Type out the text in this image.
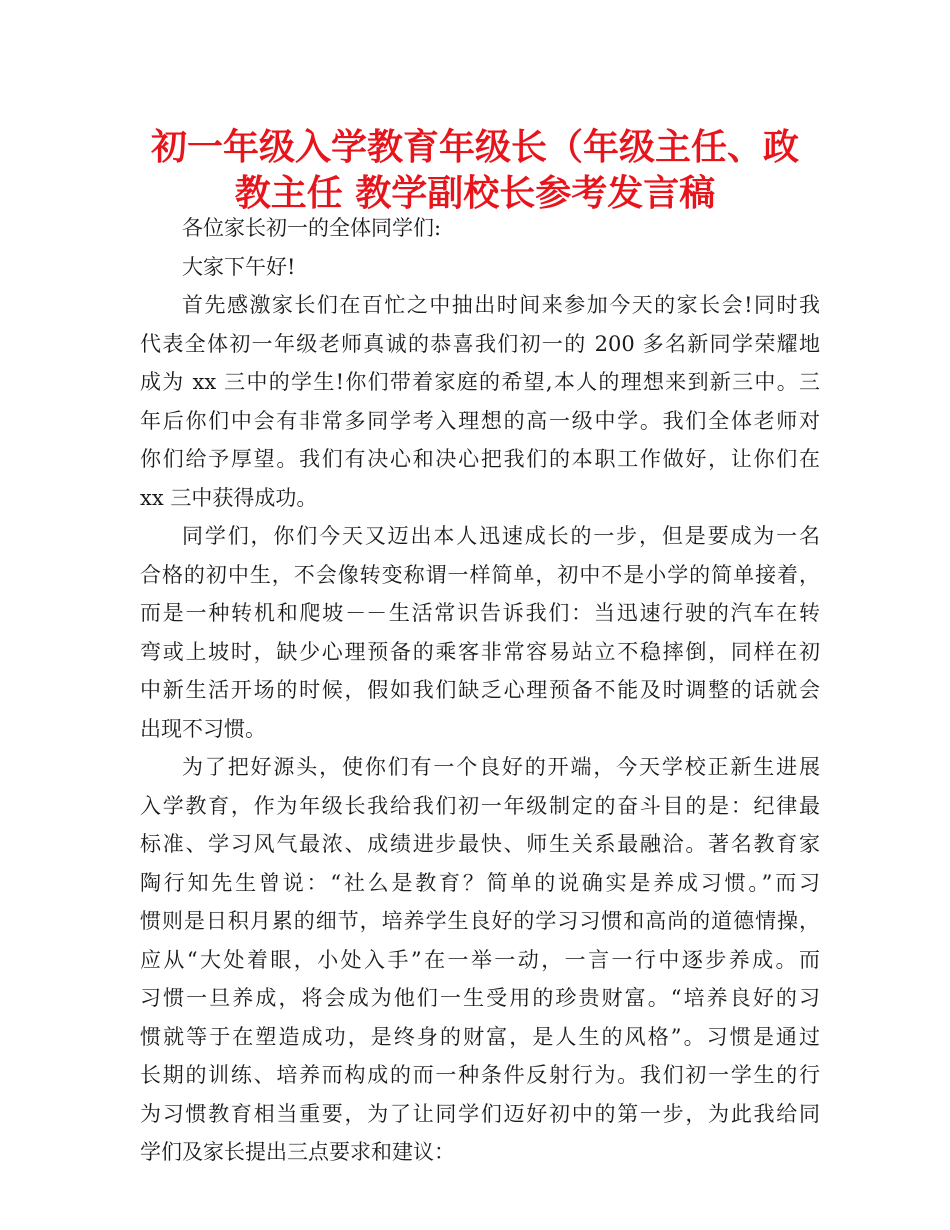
初一年级入学教育年级长（年级主任、政
教主任 教学副校长参考发言稿

各位家长初一的全体同学们:

大家下午好!

首先感激家长们在百忙之中抽出时间来参加今天的家长会!同时我
代表全体初一年级老师真诚的恭喜我们初一的 200 多名新同学荣耀地
成为 xx 三中的学生!你们带着家庭的希望,本人的理想来到新三中。三
年后你们中会有非常多同学考入理想的高一级中学。我们全体老师对
你们给予厚望。我们有决心和决心把我们的本职工作做好，让你们在
xx 三中获得成功。

同学们，你们今天又迈出本人迅速成长的一步，但是要成为一名
合格的初中生，不会像转变称谓一样简单，初中不是小学的简单接着，
而是一种转机和爬坡－－生活常识告诉我们：当迅速行驶的汽车在转
弯或上坡时，缺少心理预备的乘客非常容易站立不稳摔倒，同样在初
中新生活开场的时候，假如我们缺乏心理预备不能及时调整的话就会
出现不习惯。

为了把好源头，使你们有一个良好的开端，今天学校正新生进展
入学教育，作为年级长我给我们初一年级制定的奋斗目的是：纪律最
标准、学习风气最浓、成绩进步最快、师生关系最融洽。著名教育家
陶行知先生曾说：“社么是教育？简单的说确实是养成习惯。”而习
惯则是日积月累的细节，培养学生良好的学习习惯和高尚的道德情操，
应从“大处着眼，小处入手”在一举一动，一言一行中逐步养成。而
习惯一旦养成，将会成为他们一生受用的珍贵财富。“培养良好的习
惯就等于在塑造成功，是终身的财富，是人生的风格”。习惯是通过
长期的训练、培养而构成的而一种条件反射行为。我们初一学生的行
为习惯教育相当重要，为了让同学们迈好初中的第一步，为此我给同
学们及家长提出三点要求和建议：
